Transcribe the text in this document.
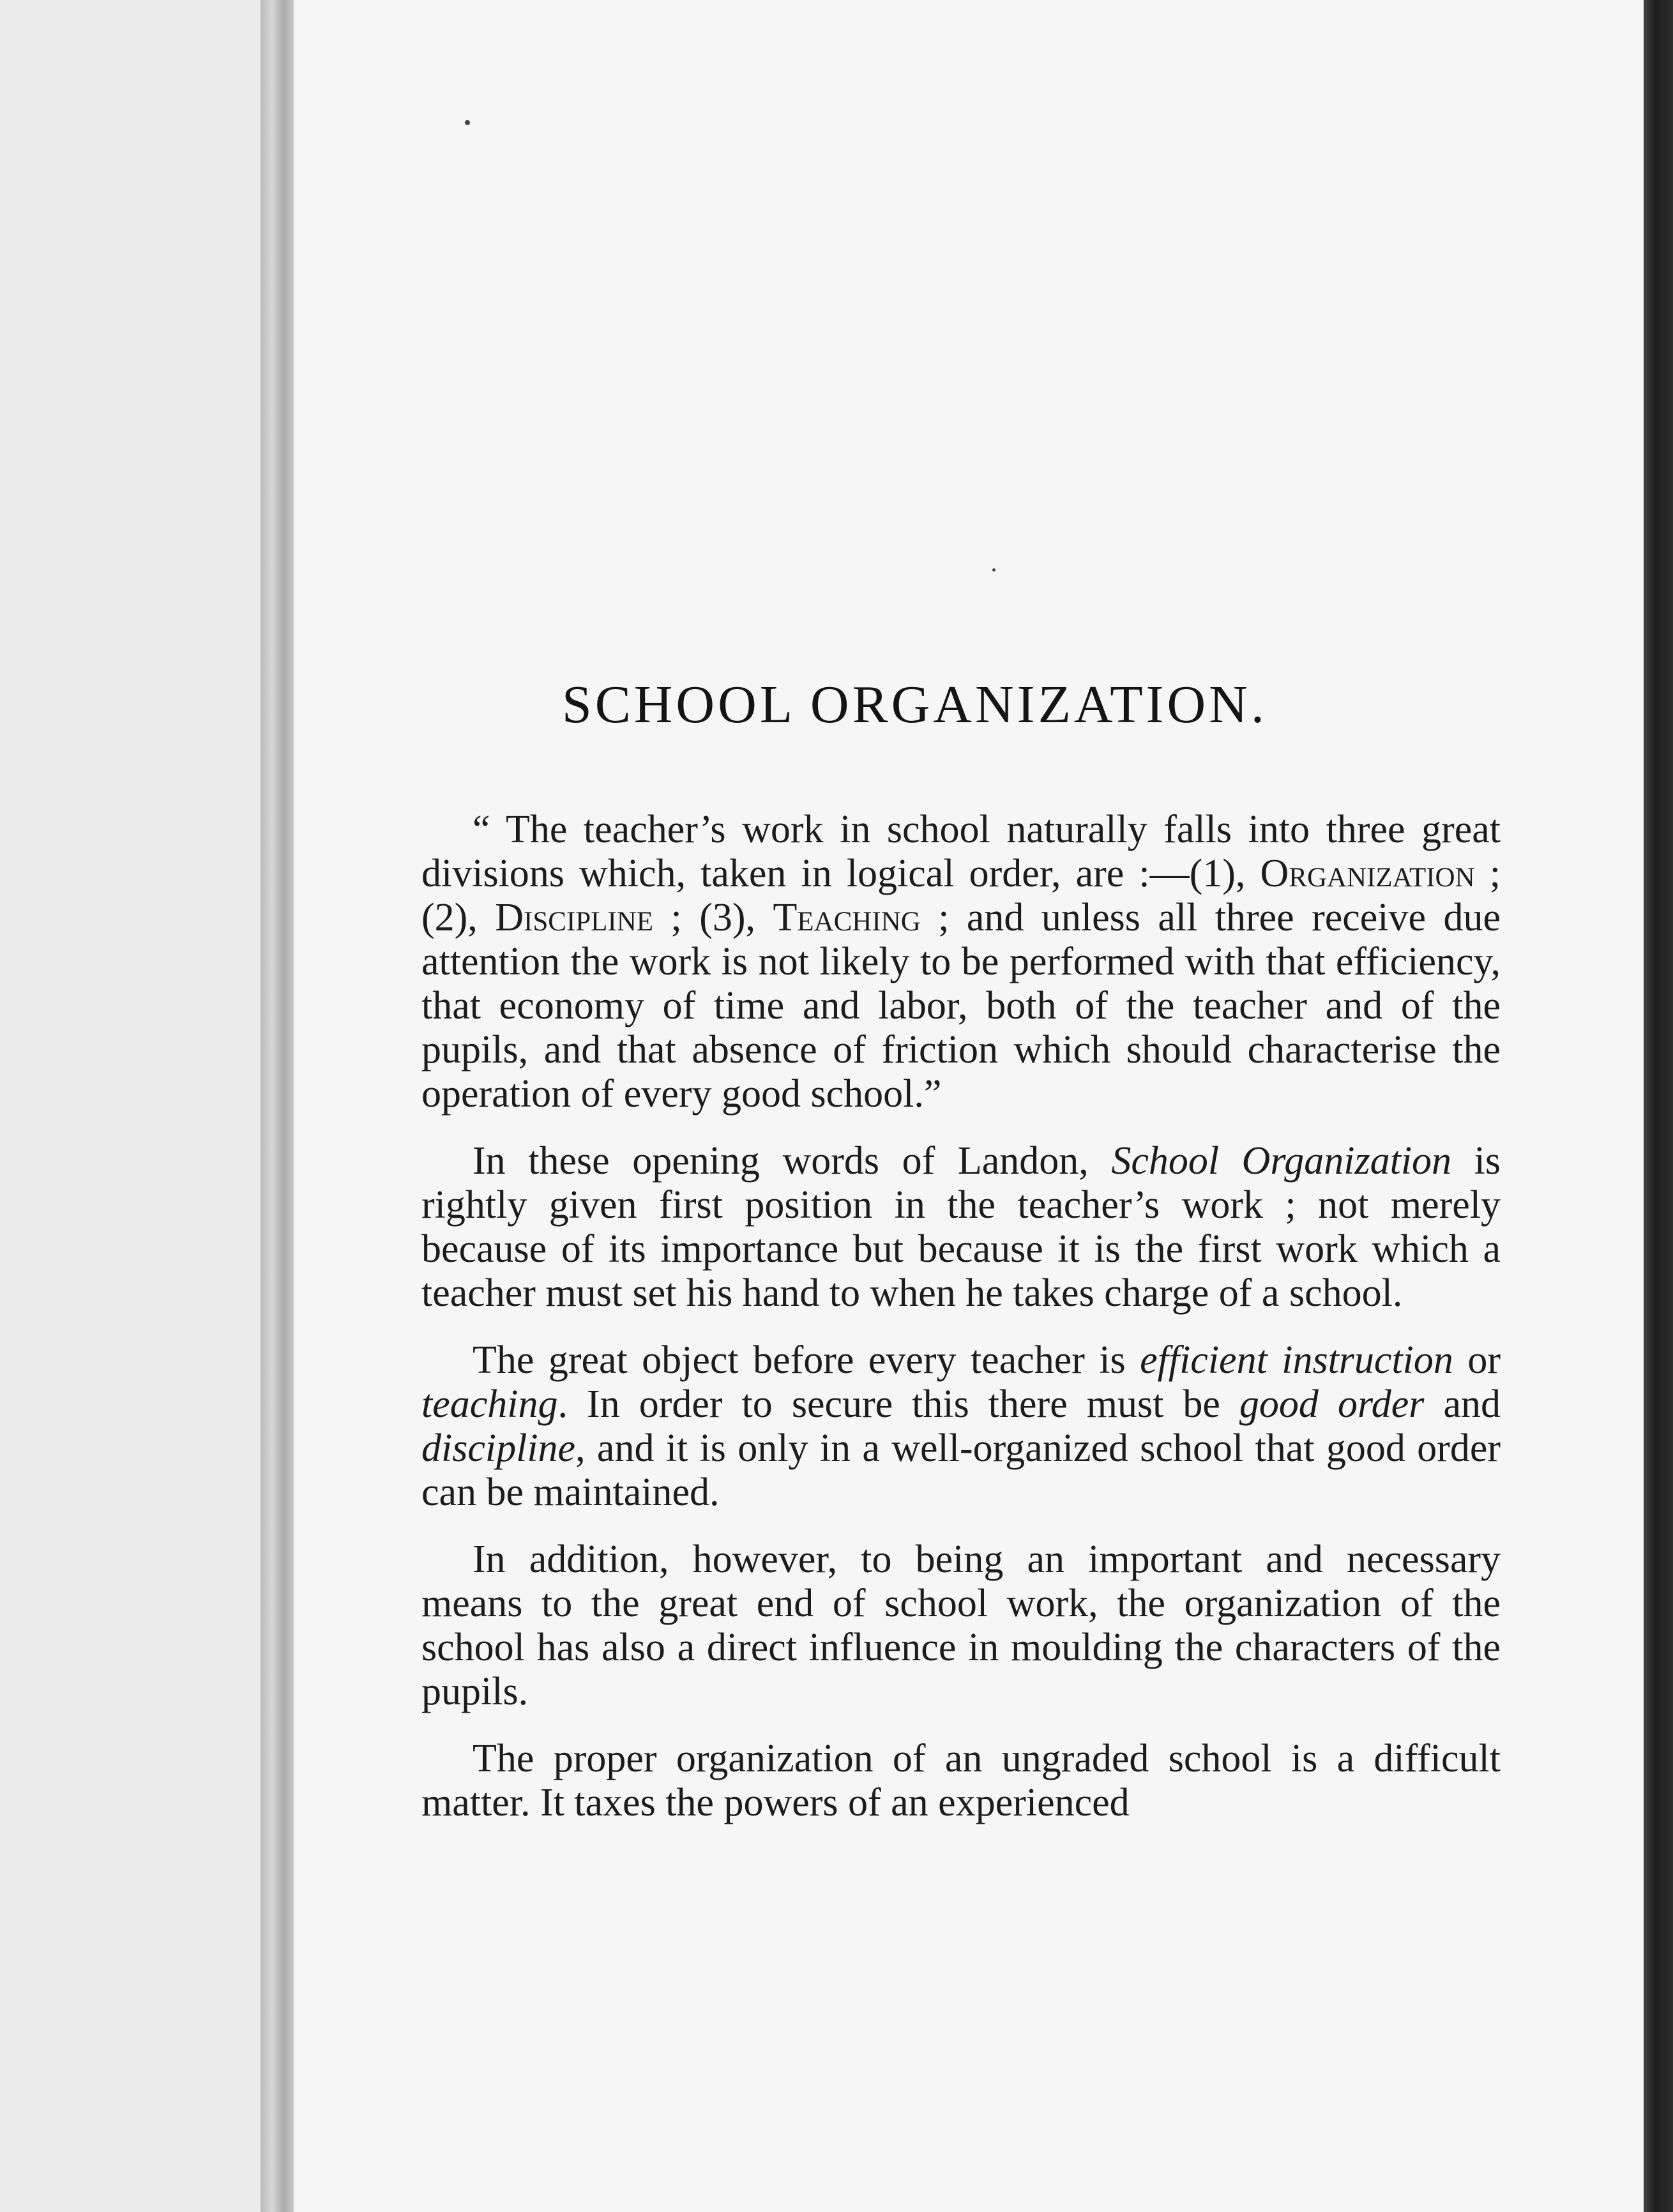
SCHOOL ORGANIZATION.

“ The teacher’s work in school naturally falls into three great divisions which, taken in logical order, are :—(1), Organization ; (2), Discipline ; (3), Teaching ; and unless all three receive due attention the work is not likely to be performed with that efficiency, that economy of time and labor, both of the teacher and of the pupils, and that absence of friction which should characterise the operation of every good school.”

In these opening words of Landon, School Organization is rightly given first position in the teacher’s work ; not merely because of its importance but because it is the first work which a teacher must set his hand to when he takes charge of a school.

The great object before every teacher is efficient instruction or teaching. In order to secure this there must be good order and discipline, and it is only in a well-organized school that good order can be maintained.

In addition, however, to being an important and necessary means to the great end of school work, the organization of the school has also a direct influence in moulding the characters of the pupils.

The proper organization of an ungraded school is a difficult matter. It taxes the powers of an experienced
